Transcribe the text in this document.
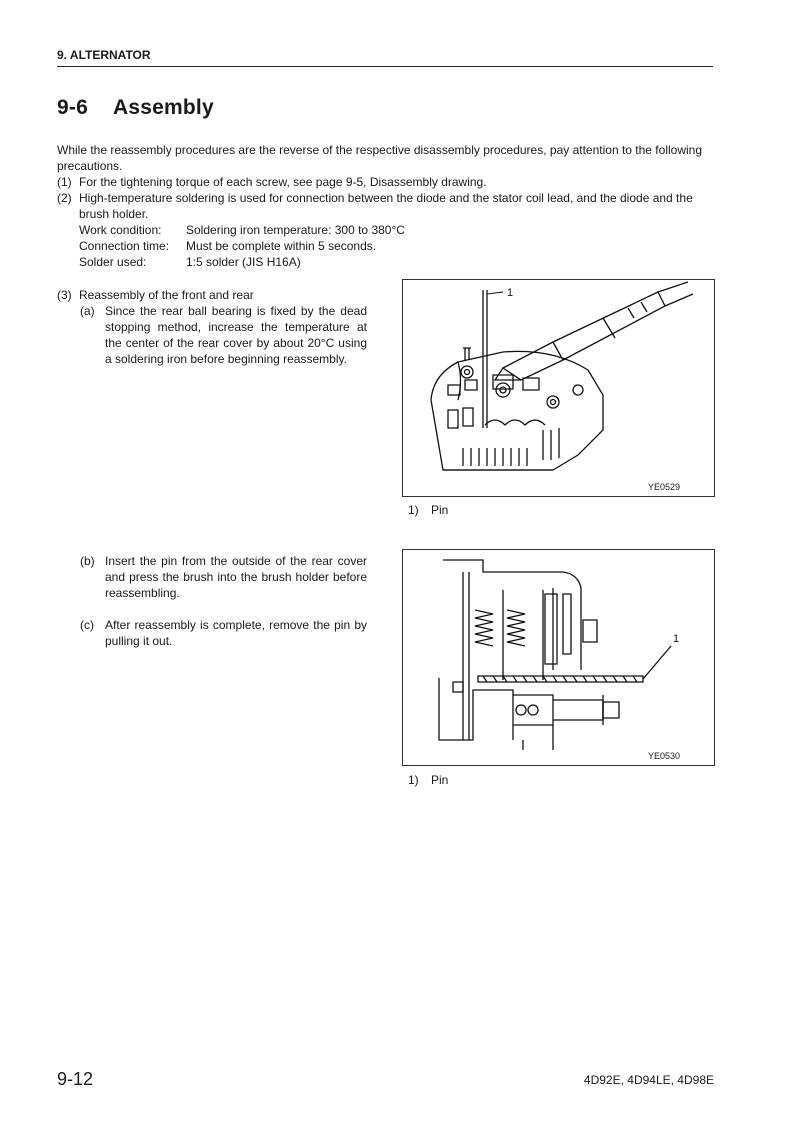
9. ALTERNATOR
9-6 Assembly
While the reassembly procedures are the reverse of the respective disassembly procedures, pay attention to the following precautions.
(1) For the tightening torque of each screw, see page 9-5, Disassembly drawing.
(2) High-temperature soldering is used for connection between the diode and the stator coil lead, and the diode and the brush holder.
Work condition:	Soldering iron temperature: 300 to 380°C
Connection time:	Must be complete within 5 seconds.
Solder used:	1:5 solder (JIS H16A)
(3) Reassembly of the front and rear
(a) Since the rear ball bearing is fixed by the dead stopping method, increase the temperature at the center of the rear cover by about 20°C using a soldering iron before beginning reassembly.
(b) Insert the pin from the outside of the rear cover and press the brush into the brush holder before reassembling.
(c) After reassembly is complete, remove the pin by pulling it out.
1
YE0529
1) Pin
1
YE0530
1) Pin
9-12	4D92E, 4D94LE, 4D98E
